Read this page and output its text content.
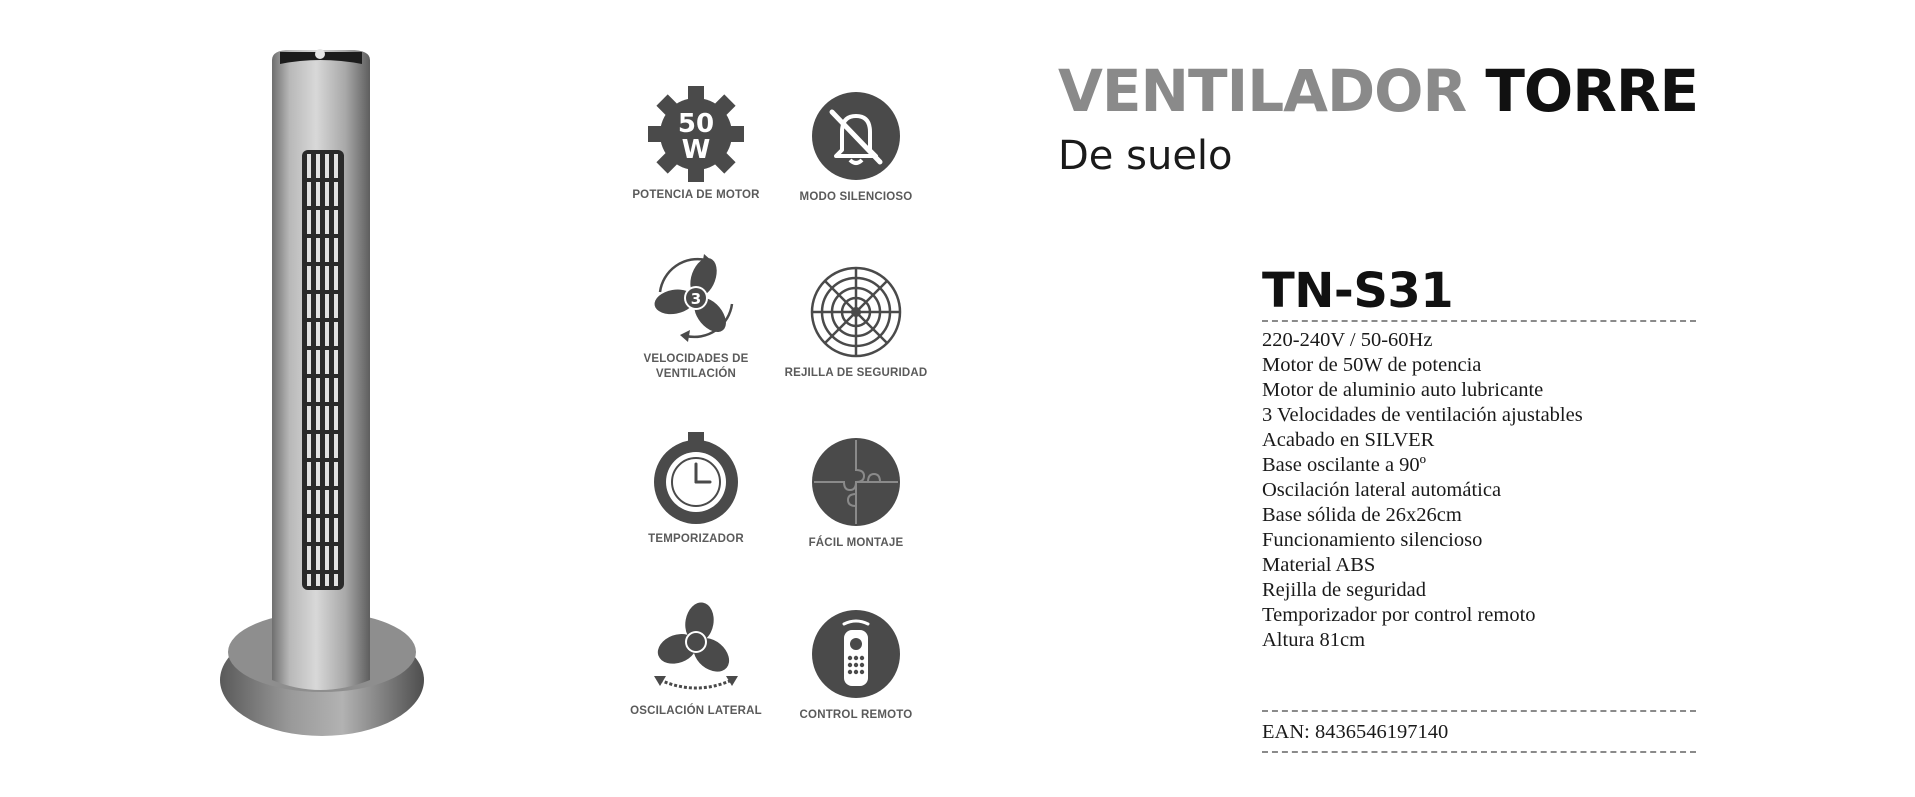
50
W
POTENCIA DE MOTOR	MODO SILENCIOSO
3
VELOCIDADES DE
VENTILACIÓN	REJILLA DE SEGURIDAD
TEMPORIZADOR	FÁCIL MONTAJE
OSCILACIÓN LATERAL	CONTROL REMOTO
VENTILADOR TORRE
De suelo
TN-S31
220-240V / 50-60Hz
Motor de 50W de potencia
Motor de aluminio auto lubricante
3 Velocidades de ventilación ajustables
Acabado en SILVER
Base oscilante a 90º
Oscilación lateral automática
Base sólida de 26x26cm
Funcionamiento silencioso
Material ABS
Rejilla de seguridad
Temporizador por control remoto
Altura 81cm
EAN: 8436546197140
